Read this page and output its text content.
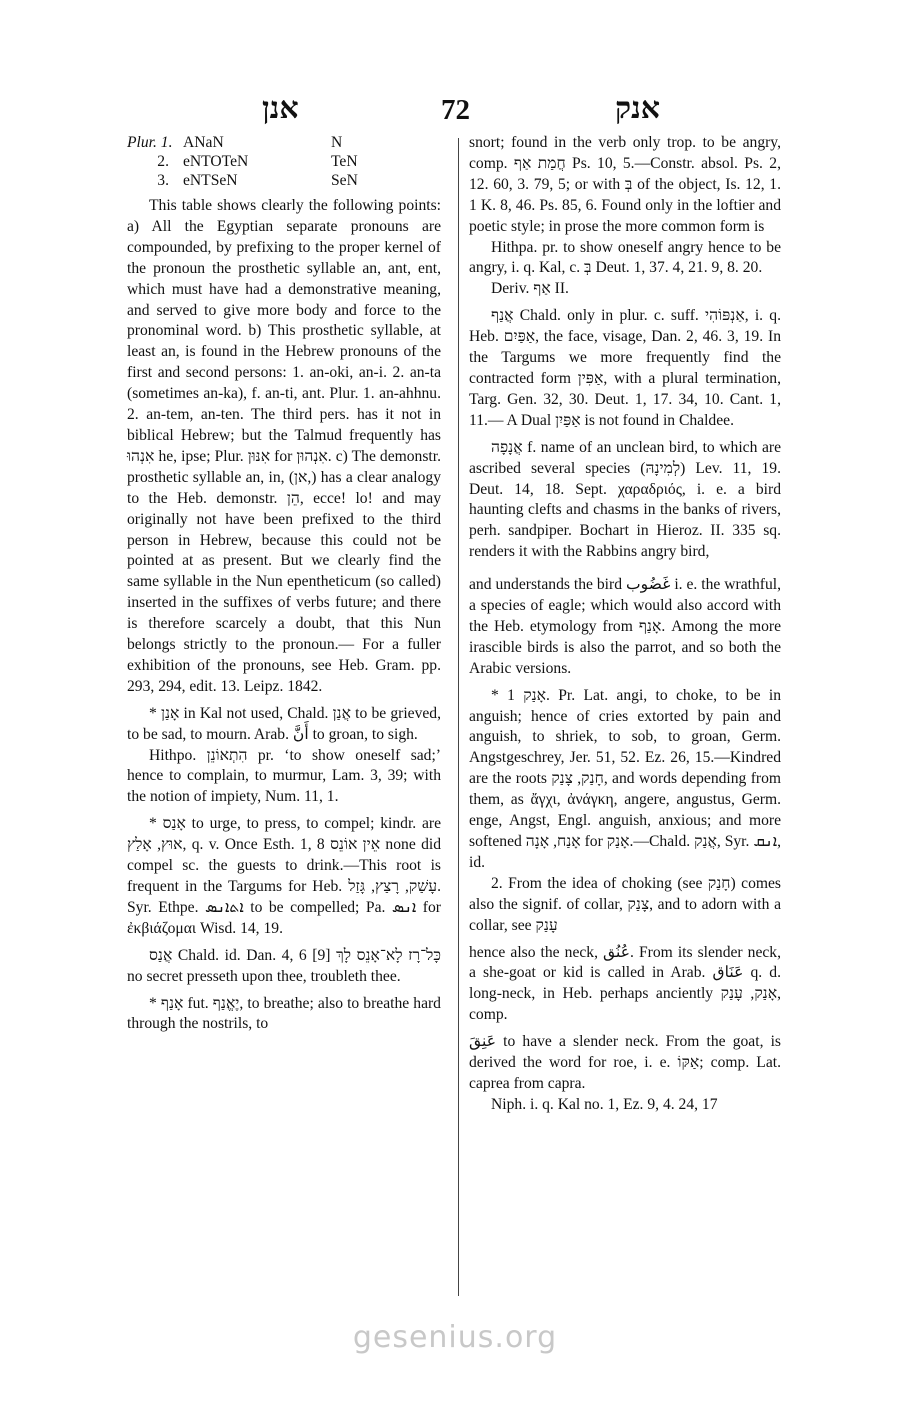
אנן	72	אנק
Plur. 1. ANaN	N
2. eNTOTeN	TeN
3. eNTSeN	SeN

This table shows clearly the following points: a) All the Egyptian separate pronouns are compounded, by prefixing to the proper kernel of the pronoun the prosthetic syllable an, ant, ent, which must have had a demonstrative meaning, and served to give more body and force to the pronominal word. b) This prosthetic syllable, at least an, is found in the Hebrew pronouns of the first and second persons: 1. an-oki, an-i. 2. an-ta (sometimes an-ka), f. an-ti, ant. Plur. 1. an-ahhnu. 2. an-tem, an-ten. The third pers. has it not in biblical Hebrew; but the Talmud frequently has אִנְהוּ he, ipse; Plur. אִנּוּן for אִנְהוּן. c) The demonstr. prosthetic syllable an, in, (אן,) has a clear analogy to the Heb. demonstr. הֵן, ecce! lo! and may originally not have been prefixed to the third person in Hebrew, because this could not be pointed at as present. But we clearly find the same syllable in the Nun epentheticum (so called) inserted in the suffixes of verbs future; and there is therefore scarcely a doubt, that this Nun belongs strictly to the pronoun.— For a fuller exhibition of the pronouns, see Heb. Gram. pp. 293, 294, edit. 13. Leipz. 1842.

* אָנַן in Kal not used, Chald. אֲנַן to be grieved, to be sad, to mourn. Arab. أَنَّ to groan, to sigh.

Hithpo. הִתְאוֹנֵן pr. ‘to show oneself sad;’ hence to complain, to murmur, Lam. 3, 39; with the notion of impiety, Num. 11, 1.

* אָנַס to urge, to press, to compel; kindr. are אוּץ, אָלַץ, q. v. Once Esth. 1, 8 אֵין אוֹנֵס none did compel sc. the guests to drink.—This root is frequent in the Targums for Heb. עָשַׁק, רָצַץ, גָּזַל. Syr. Ethpe. ܐܬܐܢܣ to be compelled; Pa. ܐܢܣ for ἐκβιάζομαι Wisd. 14, 19.

אֲנַס Chald. id. Dan. 4, 6 [9] כָּל־רָז לָא־אָנֵס לָךְ no secret presseth upon thee, troubleth thee.

* אָנַף fut. יֶאֱנַף, to breathe; also to breathe hard through the nostrils, to

snort; found in the verb only trop. to be angry, comp. חֲמַת אַף Ps. 10, 5.—Constr. absol. Ps. 2, 12. 60, 3. 79, 5; or with בְּ of the object, Is. 12, 1. 1 K. 8, 46. Ps. 85, 6. Found only in the loftier and poetic style; in prose the more common form is

Hithpa. pr. to show oneself angry hence to be angry, i. q. Kal, c. בְּ Deut. 1, 37. 4, 21. 9, 8. 20.

Deriv. אַף II.

אֲנַף Chald. only in plur. c. suff. אַנְפּוֹהִי, i. q. Heb. אַפַּיִם, the face, visage, Dan. 2, 46. 3, 19. In the Targums we more frequently find the contracted form אַפִּין, with a plural termination, Targ. Gen. 32, 30. Deut. 1, 17. 34, 10. Cant. 1, 11.— A Dual אַפַּיִן is not found in Chaldee.

אֲנָפָה f. name of an unclean bird, to which are ascribed several species (לְמִינָהּ) Lev. 11, 19. Deut. 14, 18. Sept. χαραδριός, i. e. a bird haunting clefts and chasms in the banks of rivers, perh. sandpiper. Bochart in Hieroz. II. 335 sq. renders it with the Rabbins angry bird,

and understands the bird غَضُوب i. e. the wrathful, a species of eagle; which would also accord with the Heb. etymology from אָנַף. Among the more irascible birds is also the parrot, and so both the Arabic versions.

* אָנַק 1. Pr. Lat. angi, to choke, to be in anguish; hence of cries extorted by pain and anguish, to shriek, to sob, to groan, Germ. Angstgeschrey, Jer. 51, 52. Ez. 26, 15.—Kindred are the roots חָנַק, צָנַק, and words depending from them, as ἄγχι, ἀνάγκη, angere, angustus, Germ. enge, Angst, Engl. anguish, anxious; and more softened אָנַח, אָנָה for אָנַק.—Chald. אֲנַק, Syr. ܐܢܩ, id.

2. From the idea of choking (see חָנַק) comes also the signif. of collar, צָנַק, and to adorn with a collar, see עָנַק

hence also the neck, عُنُق. From its slender neck, a she-goat or kid is called in Arab. عَنَاق q. d. long-neck, in Heb. perhaps anciently אָנַק, עָנַק, comp.

عَنِقَ to have a slender neck. From the goat, is derived the word for roe, i. e. אַקּוֹ; comp. Lat. caprea from capra.

Niph. i. q. Kal no. 1, Ez. 9, 4. 24, 17

gesenius.org
